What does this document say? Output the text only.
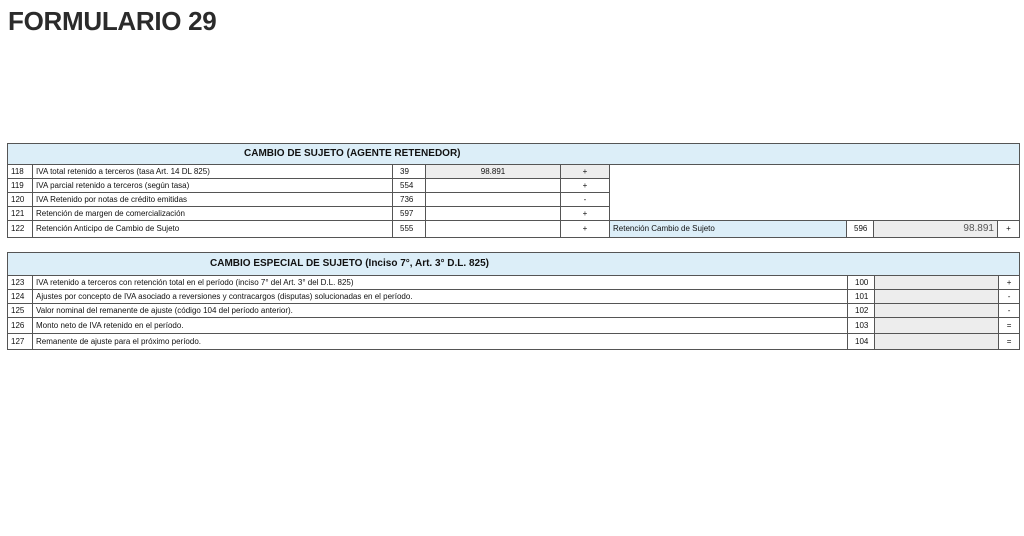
FORMULARIO 29
CAMBIO DE SUJETO (AGENTE RETENEDOR)								
118	IVA total retenido a terceros (tasa Art. 14 DL 825)	39	98.891	+				
119	IVA parcial retenido a terceros (según tasa)	554		+				
120	IVA Retenido por notas de crédito emitidas	736		-				
121	Retención de margen de comercialización	597		+				
122	Retención Anticipo de Cambio de Sujeto	555		+	Retención Cambio de Sujeto	596	98.891	+
CAMBIO ESPECIAL DE SUJETO (Inciso 7°, Art. 3° D.L. 825)				
123	IVA retenido a terceros con retención total en el período (inciso 7° del Art. 3° del D.L. 825)	100		+
124	Ajustes por concepto de IVA asociado a reversiones y contracargos (disputas) solucionadas en el período.	101		-
125	Valor nominal del remanente de ajuste (código 104 del período anterior).	102		-
126	Monto neto de IVA retenido en el período.	103		=
127	Remanente de ajuste para el próximo período.	104		=
